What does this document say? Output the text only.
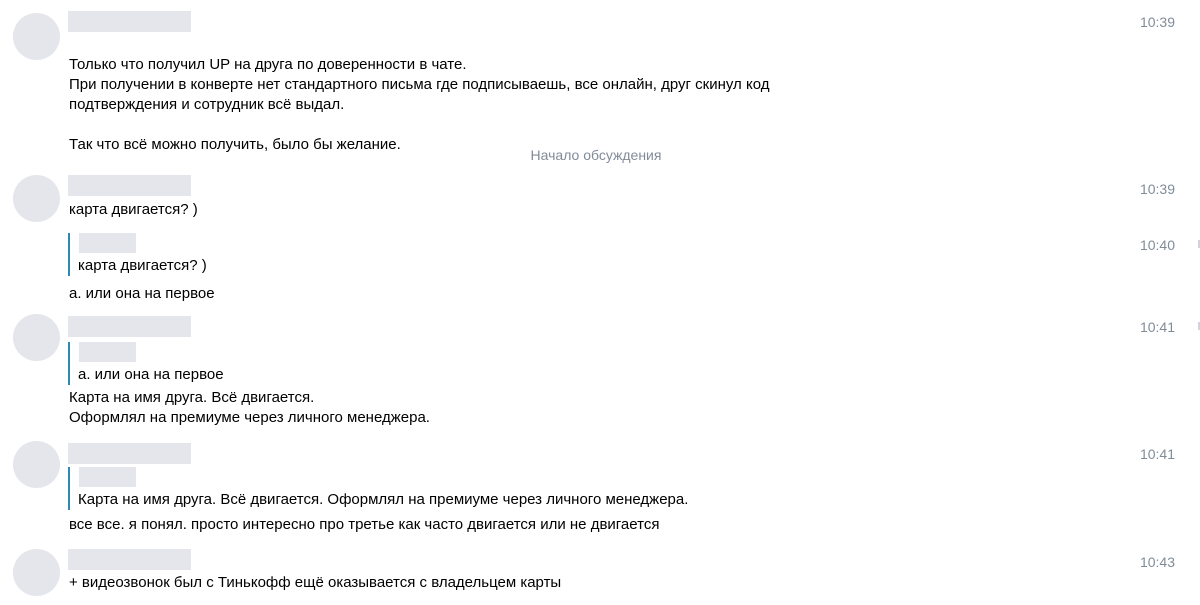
10:39

Только что получил UP на друга по доверенности в чате.
При получении в конверте нет стандартного письма где подписываешь, все онлайн, друг скинул код подтверждения и сотрудник всё выдал.

Так что всё можно получить, было бы желание.

Начало обсуждения
10:39
карта двигается? )
10:40
карта двигается? )
а. или она на первое
10:41
а. или она на первое
Карта на имя друга. Всё двигается.
Оформлял на премиуме через личного менеджера.
10:41
Карта на имя друга. Всё двигается. Оформлял на премиуме через личного менеджера.
все все. я понял. просто интересно про третье как часто двигается или не двигается
10:43
+ видеозвонок был с Тинькофф ещё оказывается с владельцем карты
